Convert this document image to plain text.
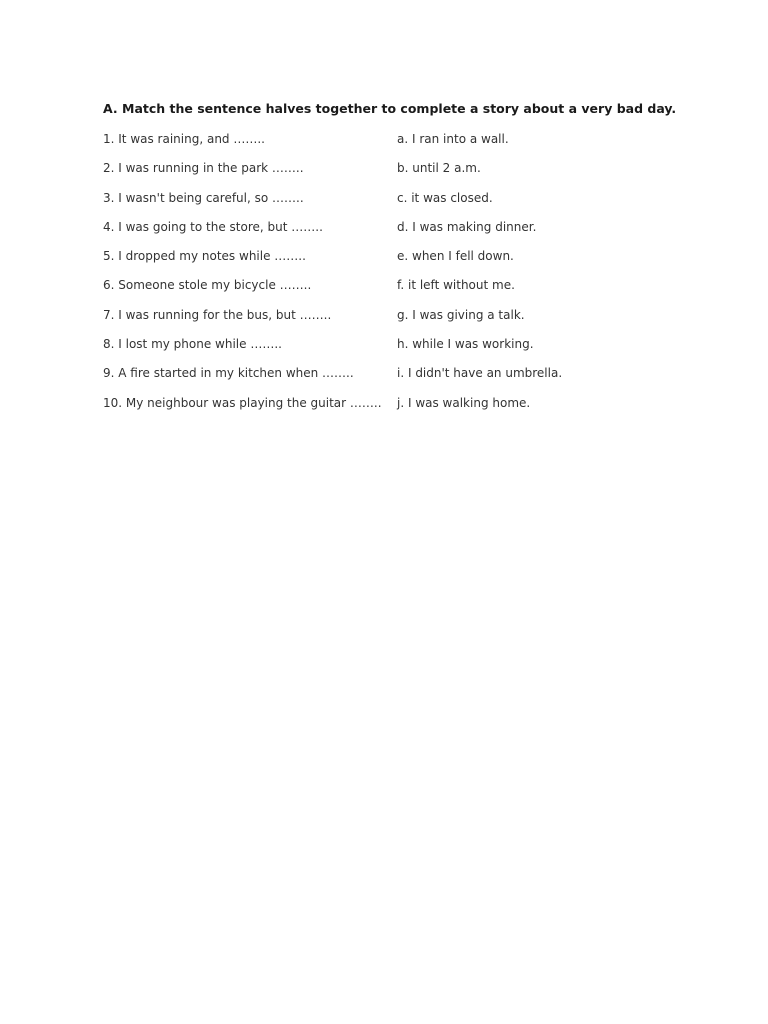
A. Match the sentence halves together to complete a story about a very bad day.
1. It was raining, and ……..	a. I ran into a wall.
2. I was running in the park ……..	b. until 2 a.m.
3. I wasn't being careful, so ……..	c. it was closed.
4. I was going to the store, but ……..	d. I was making dinner.
5. I dropped my notes while ……..	e. when I fell down.
6. Someone stole my bicycle ……..	f. it left without me.
7. I was running for the bus, but ……..	g. I was giving a talk.
8. I lost my phone while ……..	h. while I was working.
9. A fire started in my kitchen when ……..	i. I didn't have an umbrella.
10. My neighbour was playing the guitar …….. j. I was walking home.
